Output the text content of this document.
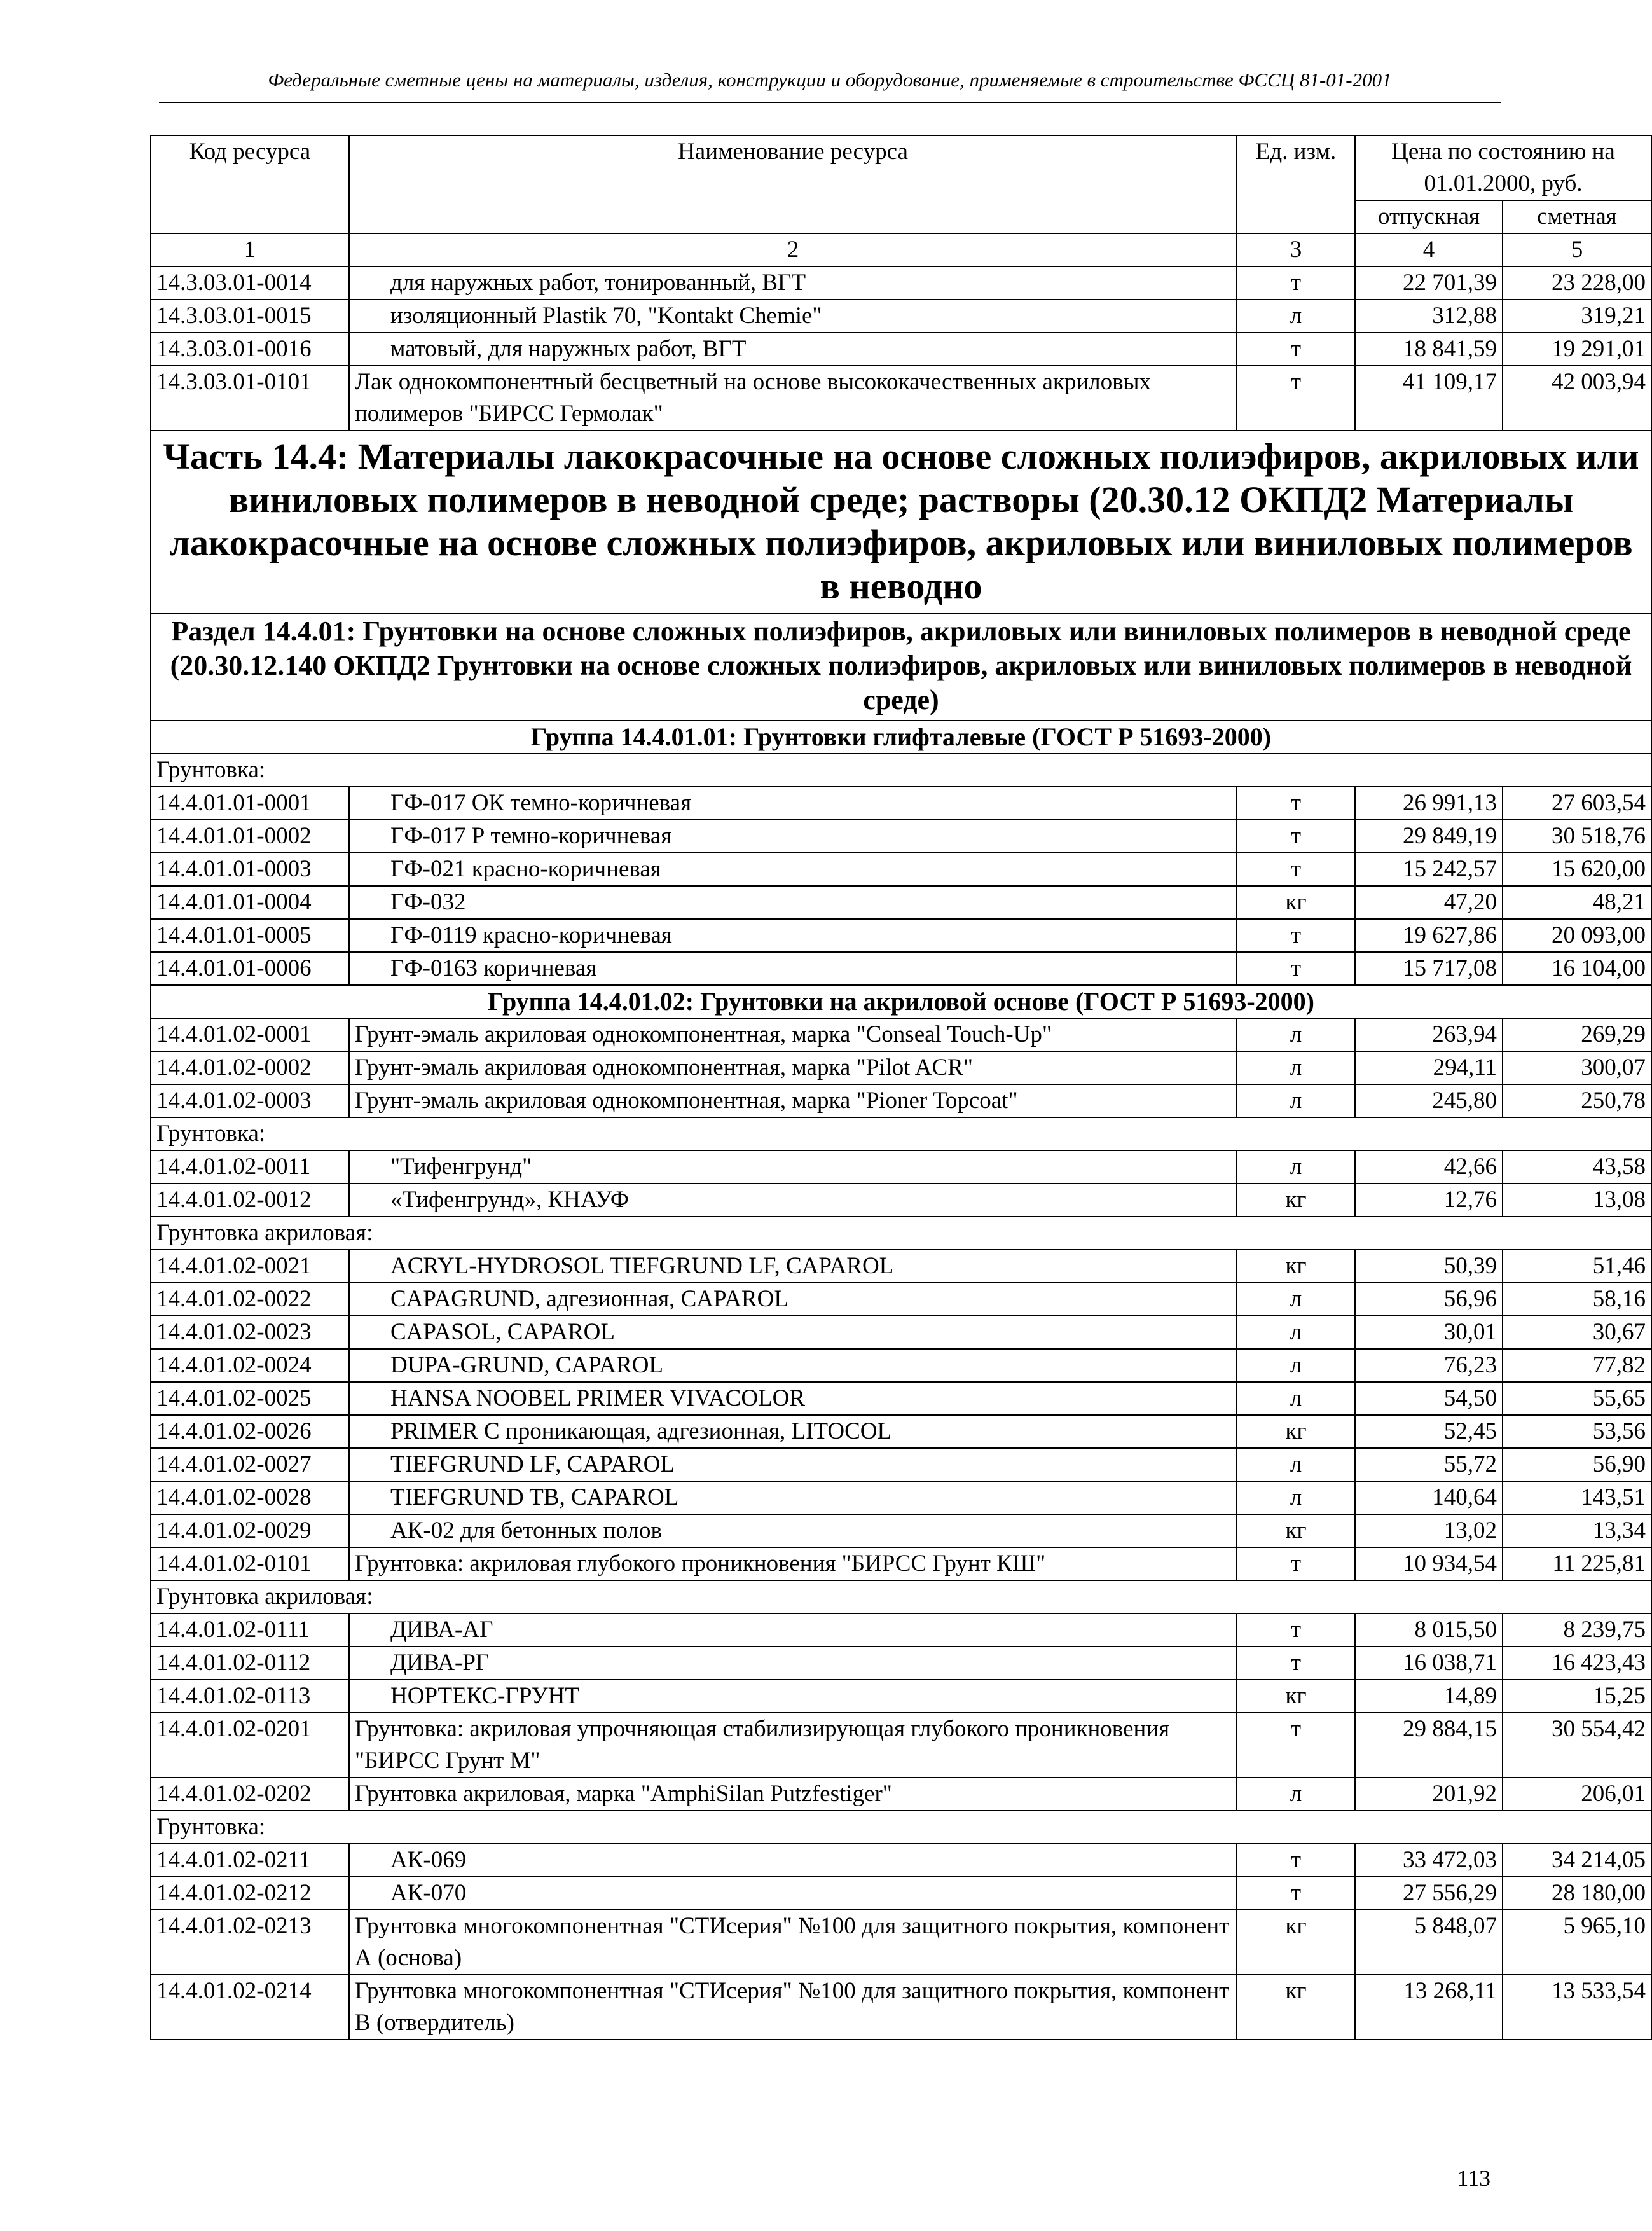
Федеральные сметные цены на материалы, изделия, конструкции и оборудование, применяемые в строительстве ФССЦ 81-01-2001
Код ресурса	Наименование ресурса	Ед. изм.	Цена по состоянию на 01.01.2000, руб.	
			отпускная	сметная
1	2	3	4	5
14.3.03.01-0014	для наружных работ, тонированный, ВГТ	т	22 701,39	23 228,00
14.3.03.01-0015	изоляционный Plastik 70, "Kontakt Chemie"	л	312,88	319,21
14.3.03.01-0016	матовый, для наружных работ, ВГТ	т	18 841,59	19 291,01
14.3.03.01-0101	Лак однокомпонентный бесцветный на основе высококачественных акриловых полимеров "БИРСС Гермолак"	т	41 109,17	42 003,94
Часть 14.4: Материалы лакокрасочные на основе сложных полиэфиров, акриловых или виниловых полимеров в неводной среде; растворы (20.30.12 ОКПД2 Материалы лакокрасочные на основе сложных полиэфиров, акриловых или виниловых полимеров в неводно				
Раздел 14.4.01: Грунтовки на основе сложных полиэфиров, акриловых или виниловых полимеров в неводной среде (20.30.12.140 ОКПД2 Грунтовки на основе сложных полиэфиров, акриловых или виниловых полимеров в неводной среде)				
Группа 14.4.01.01: Грунтовки глифталевые (ГОСТ Р 51693-2000)				
Грунтовка:				
14.4.01.01-0001	ГФ-017 ОК темно-коричневая	т	26 991,13	27 603,54
14.4.01.01-0002	ГФ-017 Р темно-коричневая	т	29 849,19	30 518,76
14.4.01.01-0003	ГФ-021 красно-коричневая	т	15 242,57	15 620,00
14.4.01.01-0004	ГФ-032	кг	47,20	48,21
14.4.01.01-0005	ГФ-0119 красно-коричневая	т	19 627,86	20 093,00
14.4.01.01-0006	ГФ-0163 коричневая	т	15 717,08	16 104,00
Группа 14.4.01.02: Грунтовки на акриловой основе (ГОСТ Р 51693-2000)				
14.4.01.02-0001	Грунт-эмаль акриловая однокомпонентная, марка "Conseal Touch-Up"	л	263,94	269,29
14.4.01.02-0002	Грунт-эмаль акриловая однокомпонентная, марка "Pilot ACR"	л	294,11	300,07
14.4.01.02-0003	Грунт-эмаль акриловая однокомпонентная, марка "Pioner Topcoat"	л	245,80	250,78
Грунтовка:				
14.4.01.02-0011	"Тифенгрунд"	л	42,66	43,58
14.4.01.02-0012	«Тифенгрунд», КНАУФ	кг	12,76	13,08
Грунтовка акриловая:				
14.4.01.02-0021	ACRYL-HYDROSOL TIEFGRUND LF, CAPAROL	кг	50,39	51,46
14.4.01.02-0022	CAPAGRUND, адгезионная, CAPAROL	л	56,96	58,16
14.4.01.02-0023	CAPASOL, CAPAROL	л	30,01	30,67
14.4.01.02-0024	DUPA-GRUND, CAPAROL	л	76,23	77,82
14.4.01.02-0025	HANSA NOOBEL PRIMER VIVACOLOR	л	54,50	55,65
14.4.01.02-0026	PRIMER C проникающая, адгезионная, LITOCOL	кг	52,45	53,56
14.4.01.02-0027	TIEFGRUND LF, CAPAROL	л	55,72	56,90
14.4.01.02-0028	TIEFGRUND TB, CAPAROL	л	140,64	143,51
14.4.01.02-0029	АК-02 для бетонных полов	кг	13,02	13,34
14.4.01.02-0101	Грунтовка: акриловая глубокого проникновения "БИРСС Грунт КШ"	т	10 934,54	11 225,81
Грунтовка акриловая:				
14.4.01.02-0111	ДИВА-АГ	т	8 015,50	8 239,75
14.4.01.02-0112	ДИВА-РГ	т	16 038,71	16 423,43
14.4.01.02-0113	НОРТЕКС-ГРУНТ	кг	14,89	15,25
14.4.01.02-0201	Грунтовка: акриловая упрочняющая стабилизирующая глубокого проникновения "БИРСС Грунт М"	т	29 884,15	30 554,42
14.4.01.02-0202	Грунтовка акриловая, марка "AmphiSilan Putzfestiger"	л	201,92	206,01
Грунтовка:				
14.4.01.02-0211	АК-069	т	33 472,03	34 214,05
14.4.01.02-0212	АК-070	т	27 556,29	28 180,00
14.4.01.02-0213	Грунтовка многокомпонентная "СТИсерия" №100 для защитного покрытия, компонент А (основа)	кг	5 848,07	5 965,10
14.4.01.02-0214	Грунтовка многокомпонентная "СТИсерия" №100 для защитного покрытия, компонент В (отвердитель)	кг	13 268,11	13 533,54
113
